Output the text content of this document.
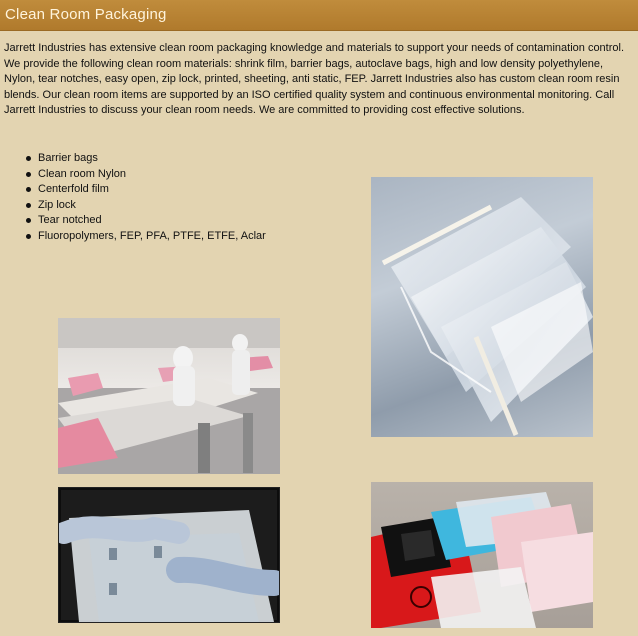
Clean Room Packaging
Jarrett Industries has extensive clean room packaging knowledge and materials to support your needs of contamination control. We provide the following clean room materials: shrink film, barrier bags, autoclave bags, high and low density polyethylene, Nylon, tear notches, easy open, zip lock, printed, sheeting, anti static, FEP. Jarrett Industries also has custom clean room resin blends. Our clean room items are supported by an ISO certified quality system and continuous environmental monitoring. Call Jarrett Industries to discuss your clean room needs. We are committed to providing cost effective solutions.
Barrier bags
Clean room Nylon
Centerfold film
Zip lock
Tear notched
Fluoropolymers, FEP, PFA, PTFE, ETFE, Aclar
